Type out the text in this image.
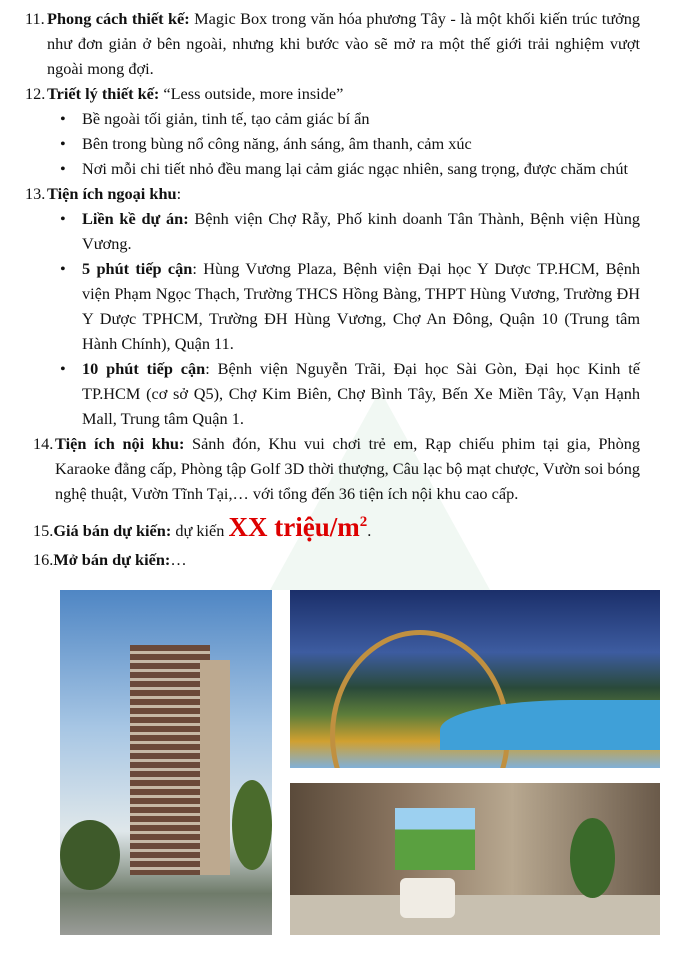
11. Phong cách thiết kế: Magic Box trong văn hóa phương Tây - là một khối kiến trúc tưởng như đơn giản ở bên ngoài, nhưng khi bước vào sẽ mở ra một thế giới trải nghiệm vượt ngoài mong đợi.
12. Triết lý thiết kế: “Less outside, more inside”
• Bề ngoài tối giản, tinh tế, tạo cảm giác bí ẩn
• Bên trong bùng nổ công năng, ánh sáng, âm thanh, cảm xúc
• Nơi mỗi chi tiết nhỏ đều mang lại cảm giác ngạc nhiên, sang trọng, được chăm chút
13. Tiện ích ngoại khu:
• Liền kề dự án: Bệnh viện Chợ Rẫy, Phố kinh doanh Tân Thành, Bệnh viện Hùng Vương.
• 5 phút tiếp cận: Hùng Vương Plaza, Bệnh viện Đại học Y Dược TP.HCM, Bệnh viện Phạm Ngọc Thạch, Trường THCS Hồng Bàng, THPT Hùng Vương, Trường ĐH Y Dược TPHCM, Trường ĐH Hùng Vương, Chợ An Đông, Quận 10 (Trung tâm Hành Chính), Quận 11.
• 10 phút tiếp cận: Bệnh viện Nguyễn Trãi, Đại học Sài Gòn, Đại học Kinh tế TP.HCM (cơ sở Q5), Chợ Kim Biên, Chợ Bình Tây, Bến Xe Miền Tây, Vạn Hạnh Mall, Trung tâm Quận 1.
14. Tiện ích nội khu: Sảnh đón, Khu vui chơi trẻ em, Rạp chiếu phim tại gia, Phòng Karaoke đẳng cấp, Phòng tập Golf 3D thời thượng, Câu lạc bộ mạt chược, Vườn soi bóng nghệ thuật, Vườn Tĩnh Tại,… với tổng đến 36 tiện ích nội khu cao cấp.
15.Giá bán dự kiến: dự kiến XX triệu/$m^2$.
16.Mở bán dự kiến:…
